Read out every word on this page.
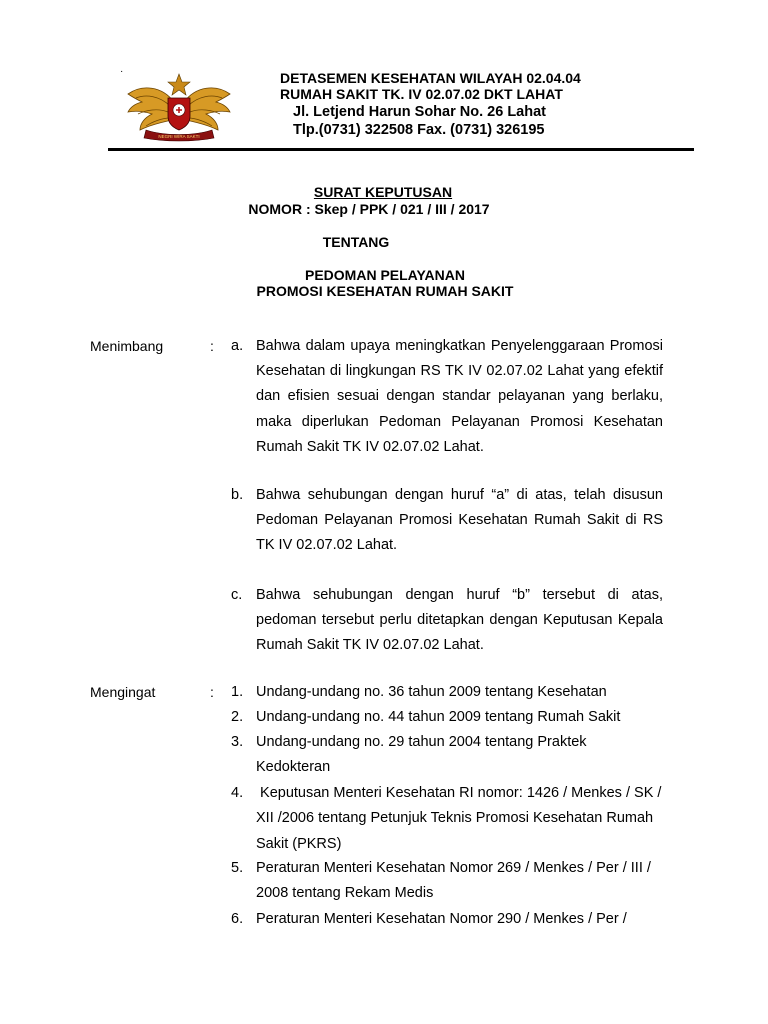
·
NEGRI WIRA SAKTI
DETASEMEN KESEHATAN WILAYAH 02.04.04
RUMAH SAKIT TK. IV 02.07.02 DKT LAHAT
Jl. Letjend Harun Sohar No. 26 Lahat
Tlp.(0731) 322508 Fax. (0731) 326195
SURAT KEPUTUSAN
NOMOR : Skep / PPK / 021 / III / 2017
TENTANG
PEDOMAN PELAYANAN
PROMOSI KESEHATAN RUMAH SAKIT
Menimbang	: a. Bahwa dalam upaya meningkatkan Penyelenggaraan Promosi Kesehatan di lingkungan RS TK IV 02.07.02 Lahat yang efektif dan efisien sesuai dengan standar pelayanan yang berlaku, maka diperlukan Pedoman Pelayanan Promosi Kesehatan Rumah Sakit TK IV 02.07.02 Lahat.
b. Bahwa sehubungan dengan huruf “a” di atas, telah disusun Pedoman Pelayanan Promosi Kesehatan Rumah Sakit di RS TK IV 02.07.02 Lahat.
c. Bahwa sehubungan dengan huruf “b” tersebut di atas, pedoman tersebut perlu ditetapkan dengan Keputusan Kepala Rumah Sakit TK IV 02.07.02 Lahat.
Mengingat	: 1. Undang-undang no. 36 tahun 2009 tentang Kesehatan
2. Undang-undang no. 44 tahun 2009 tentang Rumah Sakit
3. Undang-undang no. 29 tahun 2004 tentang Praktek Kedokteran
4. Keputusan Menteri Kesehatan RI nomor: 1426 / Menkes / SK / XII /2006 tentang Petunjuk Teknis Promosi Kesehatan Rumah Sakit (PKRS)
5. Peraturan Menteri Kesehatan Nomor 269 / Menkes / Per / III / 2008 tentang Rekam Medis
6. Peraturan Menteri Kesehatan Nomor 290 / Menkes / Per /
